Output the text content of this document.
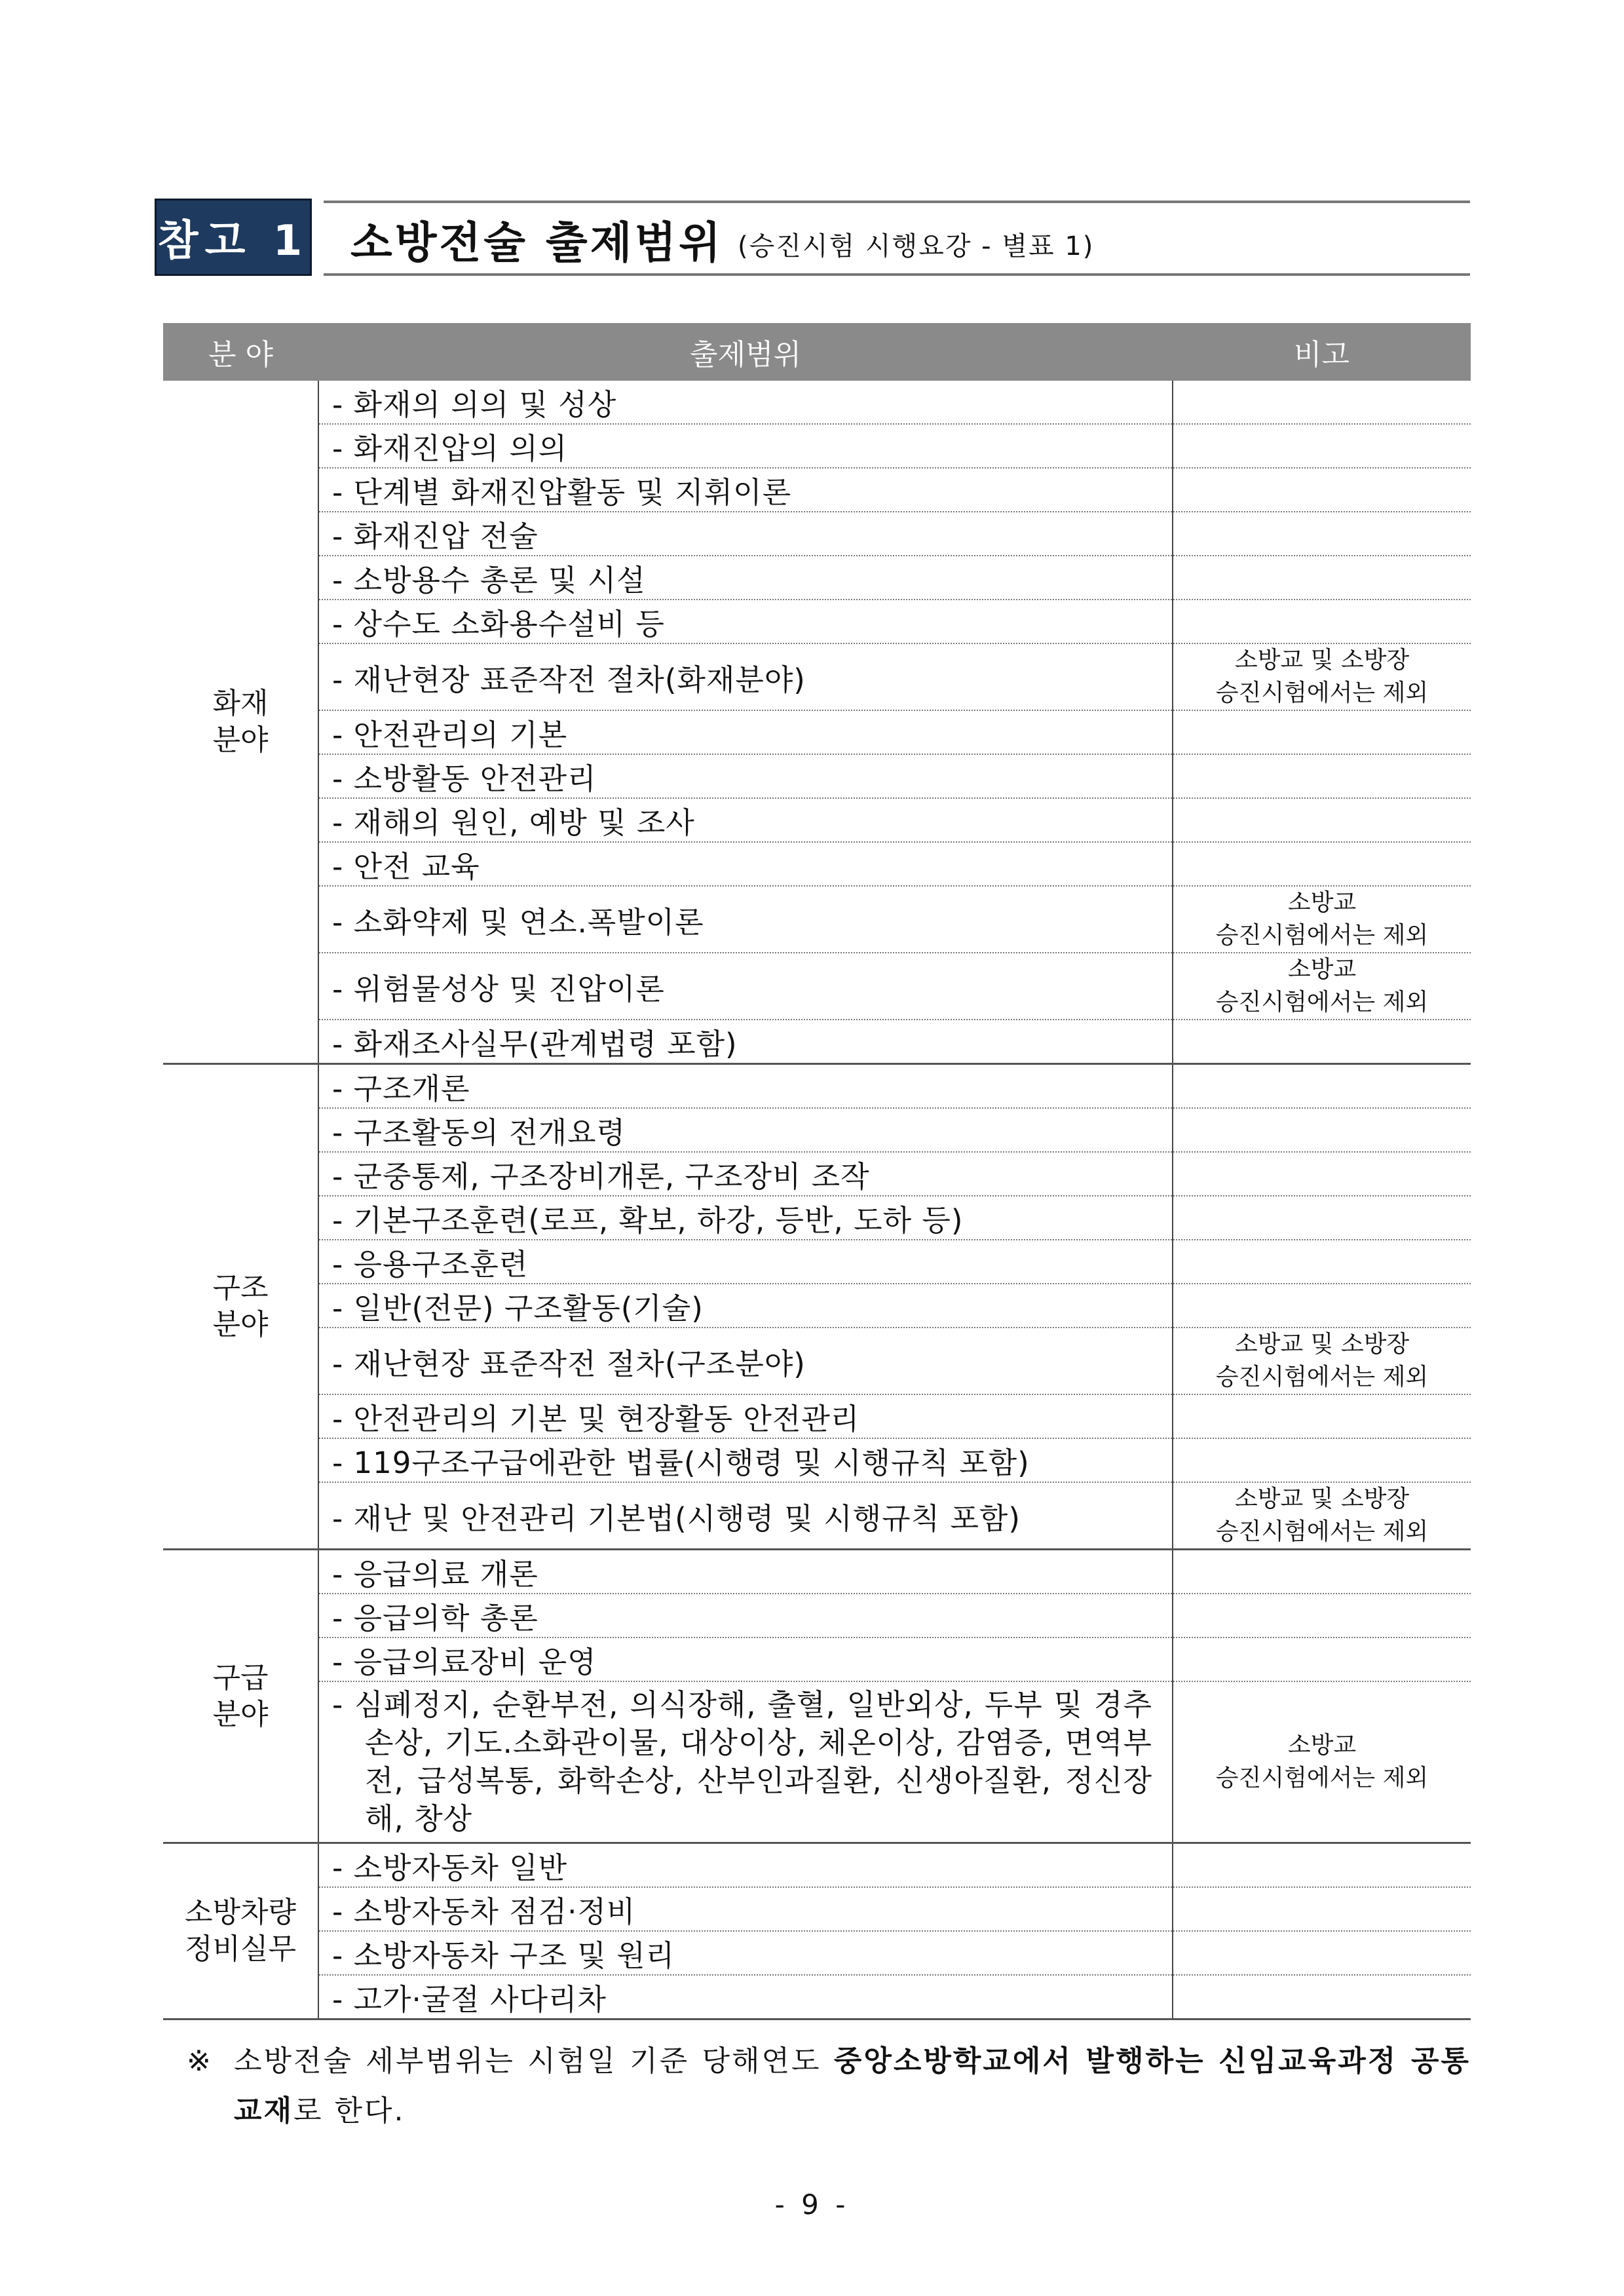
참고 1 소방전술 출제범위 (승진시험 시행요강 - 별표 1)
분 야	출제범위	비고

화재
분야	- 화재의 의의 및 성상	
	- 화재진압의 의의	
	- 단계별 화재진압활동 및 지휘이론	
	- 화재진압 전술	
	- 소방용수 총론 및 시설	
	- 상수도 소화용수설비 등	
	- 재난현장 표준작전 절차(화재분야)	소방교 및 소방장
승진시험에서는 제외

	- 안전관리의 기본	
	- 소방활동 안전관리	
	- 재해의 원인, 예방 및 조사	
	- 안전 교육	
	- 소화약제 및 연소.폭발이론	소방교
승진시험에서는 제외

	- 위험물성상 및 진압이론	소방교
승진시험에서는 제외

	- 화재조사실무(관계법령 포함)	

구조
분야	- 구조개론	
	- 구조활동의 전개요령	
	- 군중통제, 구조장비개론, 구조장비 조작	
	- 기본구조훈련(로프, 확보, 하강, 등반, 도하 등)	
	- 응용구조훈련	
	- 일반(전문) 구조활동(기술)	
	- 재난현장 표준작전 절차(구조분야)	소방교 및 소방장
승진시험에서는 제외

	- 안전관리의 기본 및 현장활동 안전관리	
	- 119구조구급에관한 법률(시행령 및 시행규칙 포함)	
	- 재난 및 안전관리 기본법(시행령 및 시행규칙 포함)	소방교 및 소방장
승진시험에서는 제외

구급
분야	- 응급의료 개론	
	- 응급의학 총론	
	- 응급의료장비 운영	

	- 심폐정지, 순환부전, 의식장해, 출혈, 일반외상, 두부 및 경추손상, 기도.소화관이물, 대상이상, 체온이상, 감염증, 면역부전, 급성복통, 화학손상, 산부인과질환, 신생아질환, 정신장해, 창상	소방교
승진시험에서는 제외

소방차량
정비실무	- 소방자동차 일반	
	- 소방자동차 점검·정비	
	- 소방자동차 구조 및 원리	
	- 고가·굴절 사다리차	
※ 소방전술 세부범위는 시험일 기준 당해연도 중앙소방학교에서 발행하는 신임교육과정 공통교재로 한다.
- 9 -
